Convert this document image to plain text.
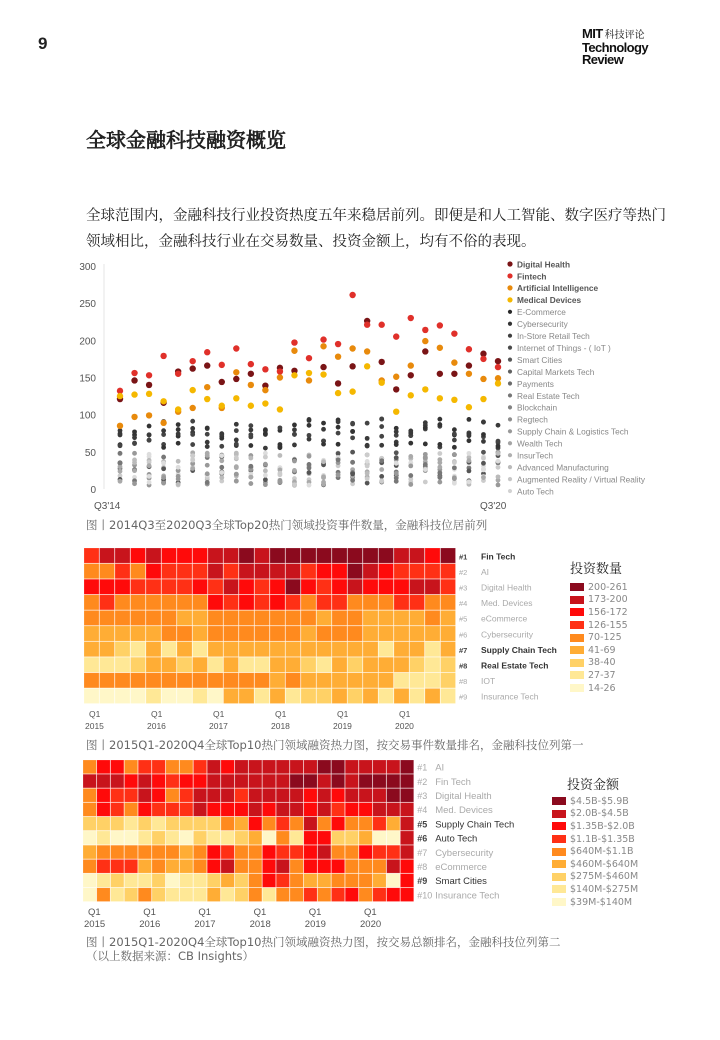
9
MIT 科技评论
Technology
Review
全球金融科技融资概览
全球范围内，金融科技行业投资热度五年来稳居前列。即便是和人工智能、数字医疗等热门领域相比，金融科技行业在交易数量、投资金额上，均有不俗的表现。
0
50
100
150
200
250
300
Q3'14	Q3'20
Digital Health
Fintech
Artificial Intelligence
Medical Devices
E-Commerce
Cybersecurity
In-Store Retail Tech
Internet of Things - ( IoT )
Smart Cities
Capital Markets Tech
Payments
Real Estate Tech
Blockchain
Regtech
Supply Chain & Logistics Tech
Wealth Tech
InsurTech
Advanced Manufacturing
Augmented Reality / Virtual Reality
Auto Tech
图丨2014Q3至2020Q3全球Top20热门领域投资事件数量，金融科技位居前列
#1 Fin Tech
#2 AI
#3 Digital Health
#4 Med. Devices
#5 eCommerce
#6 Cybersecurity
#7 Supply Chain Tech
#8 Real Estate Tech
#8 IOT
#9 Insurance Tech
Q1
2015
Q1
2016
Q1
2017
Q1
2018
Q1
2019
Q1
2020
投资数量
200-261
173-200
156-172
126-155
70-125
41-69
38-40
27-37
14-26
图丨2015Q1-2020Q4全球Top10热门领域融资热力图，按交易事件数量排名，金融科技位列第一
#1 AI
#2 Fin Tech
#3 Digital Health
#4 Med. Devices
#5 Supply Chain Tech
#6 Auto Tech
#7 Cybersecurity
#8 eCommerce
#9 Smart Cities
#10 Insurance Tech
Q1
2015
Q1
2016
Q1
2017
Q1
2018
Q1
2019
Q1
2020
投资金额
$4.5B-$5.9B
$2.0B-$4.5B
$1.35B-$2.0B
$1.1B-$1.35B
$640M-$1.1B
$460M-$640M
$275M-$460M
$140M-$275M
$39M-$140M
图丨2015Q1-2020Q4全球Top10热门领域融资热力图，按交易总额排名，金融科技位列第二
（以上数据来源：CB Insights）
